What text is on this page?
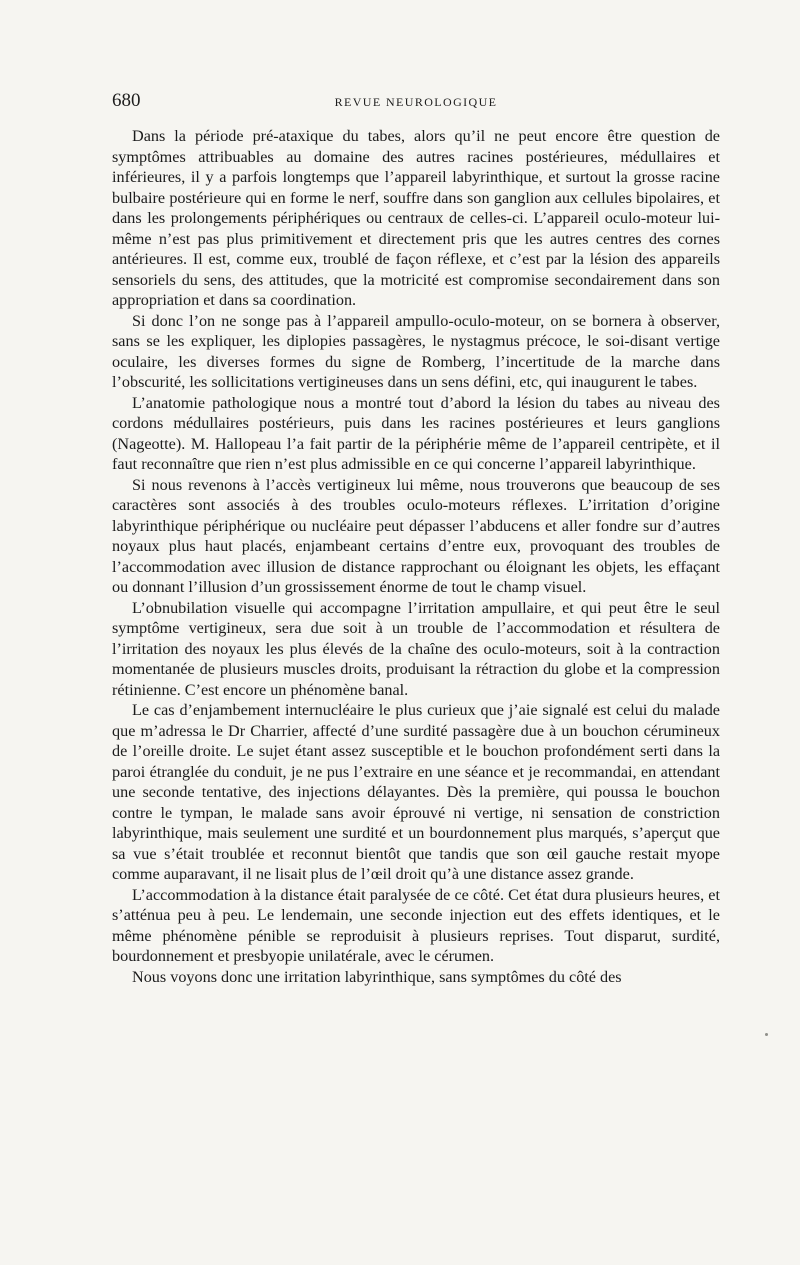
680	REVUE NEUROLOGIQUE

Dans la période pré-ataxique du tabes, alors qu’il ne peut encore être question de symptômes attribuables au domaine des autres racines postérieures, médullaires et inférieures, il y a parfois longtemps que l’appareil labyrinthique, et surtout la grosse racine bulbaire postérieure qui en forme le nerf, souffre dans son ganglion aux cellules bipolaires, et dans les prolongements périphériques ou centraux de celles-ci. L’appareil oculo-moteur lui-même n’est pas plus primitivement et directement pris que les autres centres des cornes antérieures. Il est, comme eux, troublé de façon réflexe, et c’est par la lésion des appareils sensoriels du sens, des attitudes, que la motricité est compromise secondairement dans son appropriation et dans sa coordination.

Si donc l’on ne songe pas à l’appareil ampullo-oculo-moteur, on se bornera à observer, sans se les expliquer, les diplopies passagères, le nystagmus précoce, le soi-disant vertige oculaire, les diverses formes du signe de Romberg, l’incertitude de la marche dans l’obscurité, les sollicitations vertigineuses dans un sens défini, etc, qui inaugurent le tabes.

L’anatomie pathologique nous a montré tout d’abord la lésion du tabes au niveau des cordons médullaires postérieurs, puis dans les racines postérieures et leurs ganglions (Nageotte). M. Hallopeau l’a fait partir de la périphérie même de l’appareil centripète, et il faut reconnaître que rien n’est plus admissible en ce qui concerne l’appareil labyrinthique.

Si nous revenons à l’accès vertigineux lui même, nous trouverons que beaucoup de ses caractères sont associés à des troubles oculo-moteurs réflexes. L’irritation d’origine labyrinthique périphérique ou nucléaire peut dépasser l’abducens et aller fondre sur d’autres noyaux plus haut placés, enjambeant certains d’entre eux, provoquant des troubles de l’accommodation avec illusion de distance rapprochant ou éloignant les objets, les effaçant ou donnant l’illusion d’un grossissement énorme de tout le champ visuel.

L’obnubilation visuelle qui accompagne l’irritation ampullaire, et qui peut être le seul symptôme vertigineux, sera due soit à un trouble de l’accommodation et résultera de l’irritation des noyaux les plus élevés de la chaîne des oculo-moteurs, soit à la contraction momentanée de plusieurs muscles droits, produisant la rétraction du globe et la compression rétinienne. C’est encore un phénomène banal.

Le cas d’enjambement internucléaire le plus curieux que j’aie signalé est celui du malade que m’adressa le Dr Charrier, affecté d’une surdité passagère due à un bouchon cérumineux de l’oreille droite. Le sujet étant assez susceptible et le bouchon profondément serti dans la paroi étranglée du conduit, je ne pus l’extraire en une séance et je recommandai, en attendant une seconde tentative, des injections délayantes. Dès la première, qui poussa le bouchon contre le tympan, le malade sans avoir éprouvé ni vertige, ni sensation de constriction labyrinthique, mais seulement une surdité et un bourdonnement plus marqués, s’aperçut que sa vue s’était troublée et reconnut bientôt que tandis que son œil gauche restait myope comme auparavant, il ne lisait plus de l’œil droit qu’à une distance assez grande.

L’accommodation à la distance était paralysée de ce côté. Cet état dura plusieurs heures, et s’atténua peu à peu. Le lendemain, une seconde injection eut des effets identiques, et le même phénomène pénible se reproduisit à plusieurs reprises. Tout disparut, surdité, bourdonnement et presbyopie unilatérale, avec le cérumen.

Nous voyons donc une irritation labyrinthique, sans symptômes du côté des
